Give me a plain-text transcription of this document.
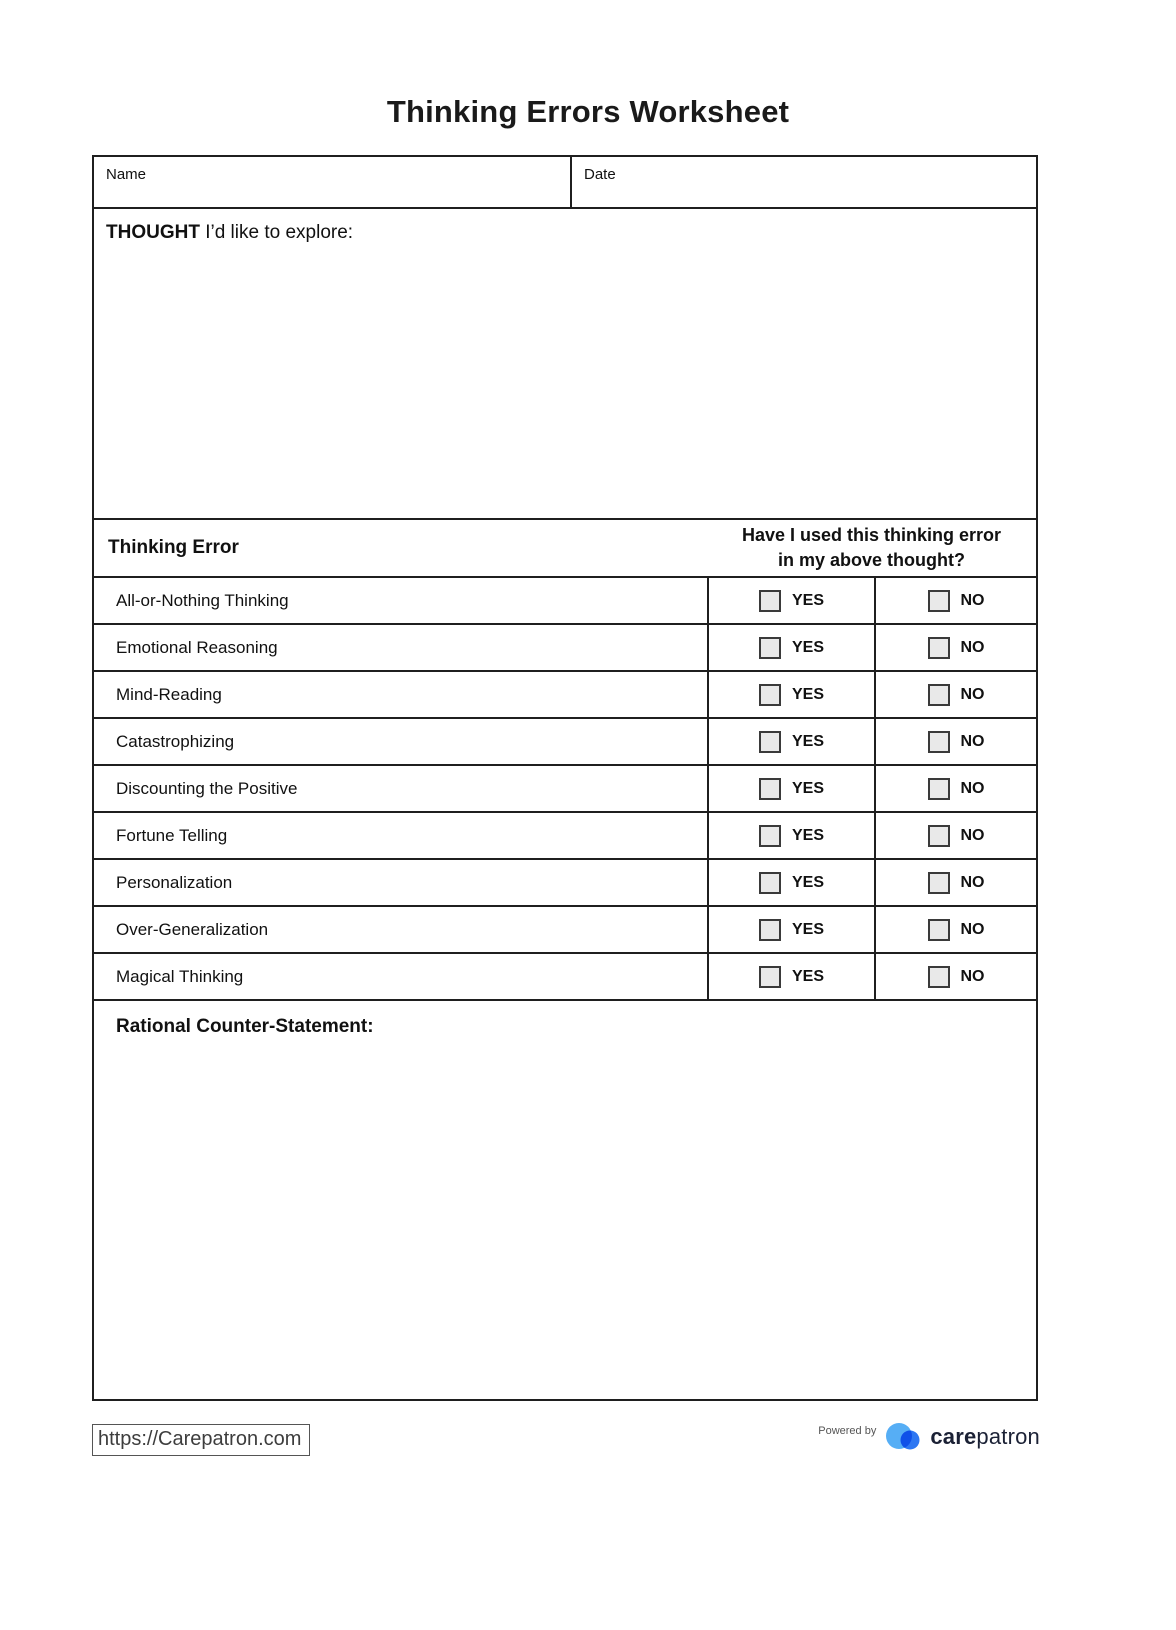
Thinking Errors Worksheet
Name	Date
THOUGHT I’d like to explore:
Thinking Error
Have I used this thinking error
in my above thought?
All-or-Nothing Thinking	YES	NO
Emotional Reasoning	YES	NO
Mind-Reading	YES	NO
Catastrophizing	YES	NO
Discounting the Positive	YES	NO
Fortune Telling	YES	NO
Personalization	YES	NO
Over-Generalization	YES	NO
Magical Thinking	YES	NO
Rational Counter-Statement:
https://Carepatron.com	Powered by carepatron
